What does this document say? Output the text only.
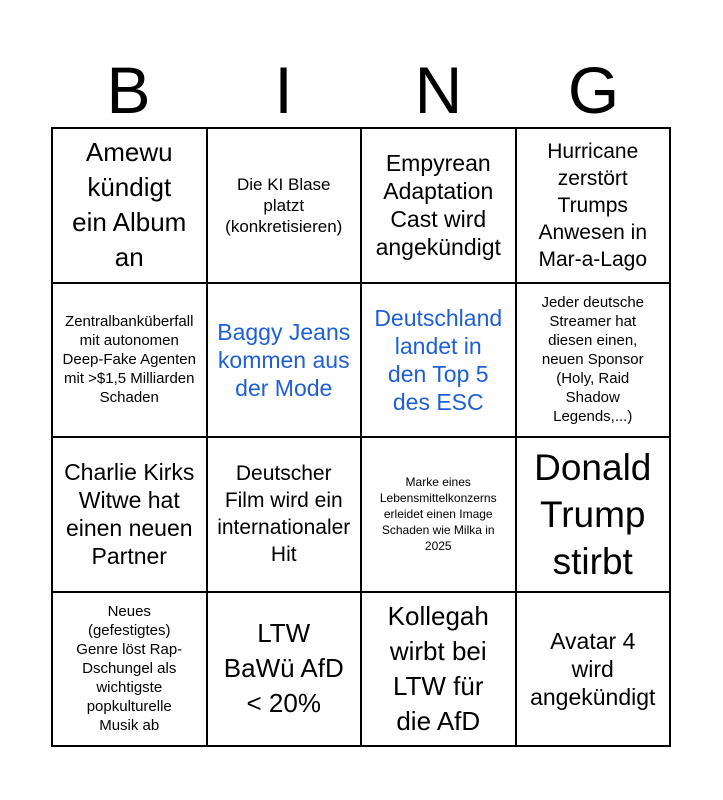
B	I	N	G
Amewu
kündigt
ein Album
an
Die KI Blase
platzt
(konkretisieren)
Empyrean
Adaptation
Cast wird
angekündigt
Hurricane
zerstört
Trumps
Anwesen in
Mar-a-Lago
Zentralbanküberfall
mit autonomen
Deep-Fake Agenten
mit >$1,5 Milliarden
Schaden
Baggy Jeans
kommen aus
der Mode
Deutschland
landet in
den Top 5
des ESC
Jeder deutsche
Streamer hat
diesen einen,
neuen Sponsor
(Holy, Raid
Shadow
Legends,...)
Charlie Kirks
Witwe hat
einen neuen
Partner
Deutscher
Film wird ein
internationaler
Hit
Marke eines
Lebensmittelkonzerns
erleidet einen Image
Schaden wie Milka in
2025
Donald
Trump
stirbt
Neues
(gefestigtes)
Genre löst Rap-
Dschungel als
wichtigste
popkulturelle
Musik ab
LTW
BaWü AfD
< 20%
Kollegah
wirbt bei
LTW für
die AfD
Avatar 4
wird
angekündigt
